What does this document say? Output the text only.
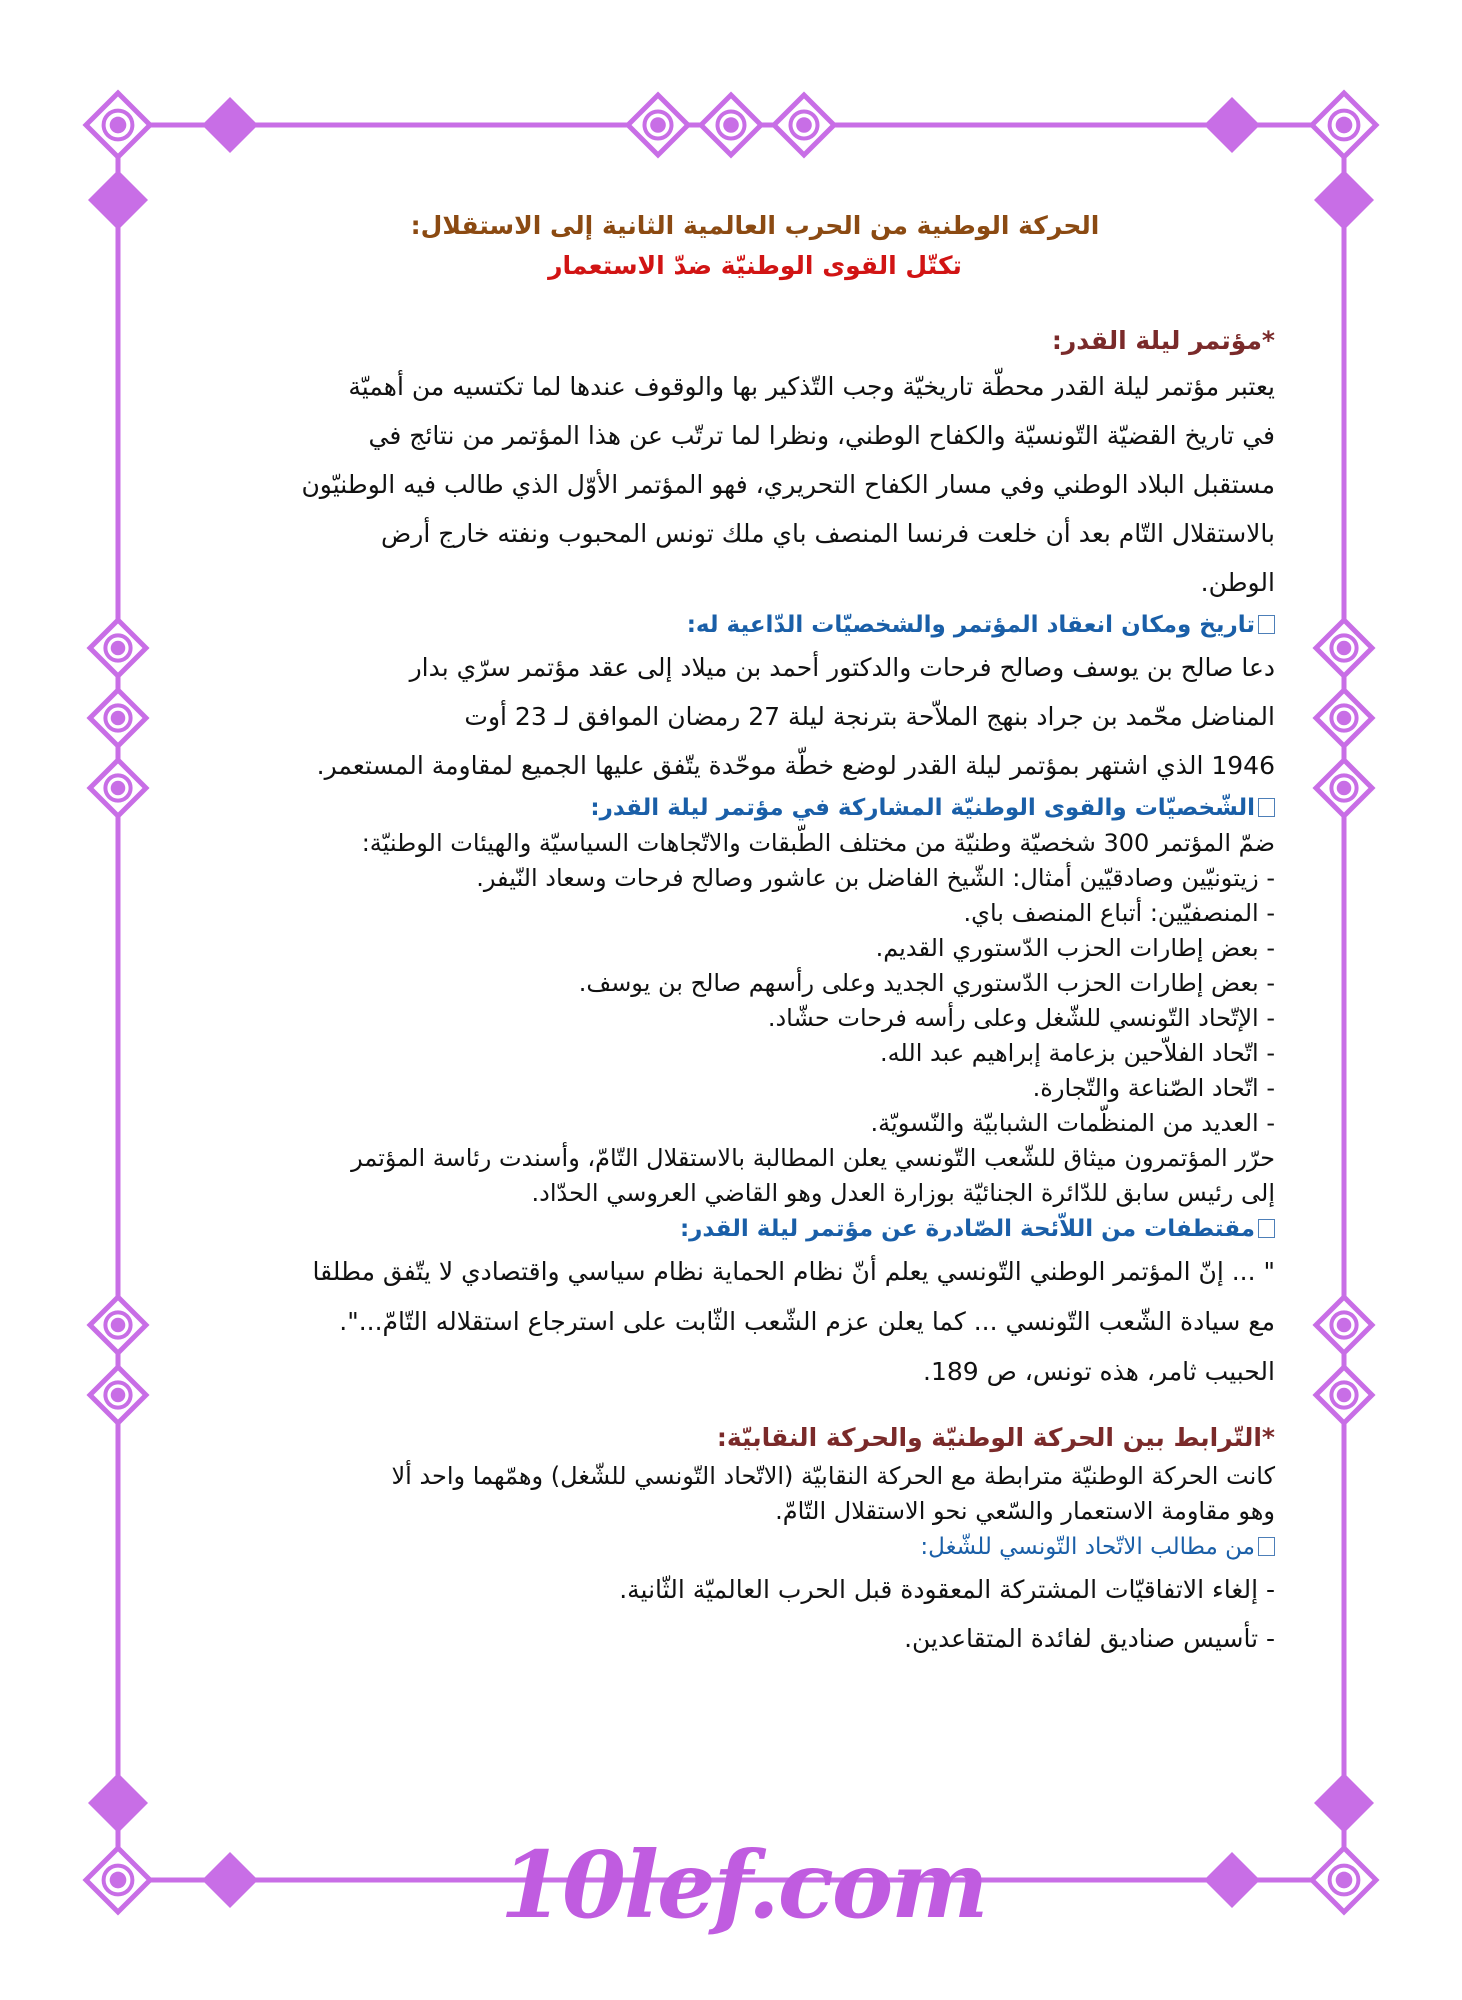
الحركة الوطنية من الحرب العالمية الثانية إلى الاستقلال:
تكتّل القوى الوطنيّة ضدّ الاستعمار
*مؤتمر ليلة القدر:
يعتبر مؤتمر ليلة القدر محطّة تاريخيّة وجب التّذكير بها والوقوف عندها لما تكتسيه من أهميّة
في تاريخ القضيّة التّونسيّة والكفاح الوطني، ونظرا لما ترتّب عن هذا المؤتمر من نتائج في
مستقبل البلاد الوطني وفي مسار الكفاح التحريري، فهو المؤتمر الأوّل الذي طالب فيه الوطنيّون
بالاستقلال التّام بعد أن خلعت فرنسا المنصف باي ملك تونس المحبوب ونفته خارج أرض
الوطن.
تاريخ ومكان انعقاد المؤتمر والشخصيّات الدّاعية له:
دعا صالح بن يوسف وصالح فرحات والدكتور أحمد بن ميلاد إلى عقد مؤتمر سرّي بدار
المناضل محّمد بن جراد بنهج الملاّحة بترنجة ليلة 27 رمضان الموافق لـ 23 أوت
1946 الذي اشتهر بمؤتمر ليلة القدر لوضع خطّة موحّدة يتّفق عليها الجميع لمقاومة المستعمر.
الشّخصيّات والقوى الوطنيّة المشاركة في مؤتمر ليلة القدر:
ضمّ المؤتمر 300 شخصيّة وطنيّة من مختلف الطّبقات والاتّجاهات السياسيّة والهيئات الوطنيّة:
- زيتونيّين وصادقيّين أمثال: الشّيخ الفاضل بن عاشور وصالح فرحات وسعاد النّيفر.
- المنصفيّين: أتباع المنصف باي.
- بعض إطارات الحزب الدّستوري القديم.
- بعض إطارات الحزب الدّستوري الجديد وعلى رأسهم صالح بن يوسف.
- الإتّحاد التّونسي للشّغل وعلى رأسه فرحات حشّاد.
- اتّحاد الفلاّحين بزعامة إبراهيم عبد الله.
- اتّحاد الصّناعة والتّجارة.
- العديد من المنظّمات الشبابيّة والنّسويّة.
حرّر المؤتمرون ميثاق للشّعب التّونسي يعلن المطالبة بالاستقلال التّامّ، وأسندت رئاسة المؤتمر
إلى رئيس سابق للدّائرة الجنائيّة بوزارة العدل وهو القاضي العروسي الحدّاد.
مقتطفات من اللاّئحة الصّادرة عن مؤتمر ليلة القدر:
" ... إنّ المؤتمر الوطني التّونسي يعلم أنّ نظام الحماية نظام سياسي واقتصادي لا يتّفق مطلقا
مع سيادة الشّعب التّونسي ... كما يعلن عزم الشّعب الثّابت على استرجاع استقلاله التّامّ...".
الحبيب ثامر، هذه تونس، ص 189.
*التّرابط بين الحركة الوطنيّة والحركة النقابيّة:
كانت الحركة الوطنيّة مترابطة مع الحركة النقابيّة (الاتّحاد التّونسي للشّغل) وهمّهما واحد ألا
وهو مقاومة الاستعمار والسّعي نحو الاستقلال التّامّ.
من مطالب الاتّحاد التّونسي للشّغل:
- إلغاء الاتفاقيّات المشتركة المعقودة قبل الحرب العالميّة الثّانية.
- تأسيس صناديق لفائدة المتقاعدين.
10lef.com
